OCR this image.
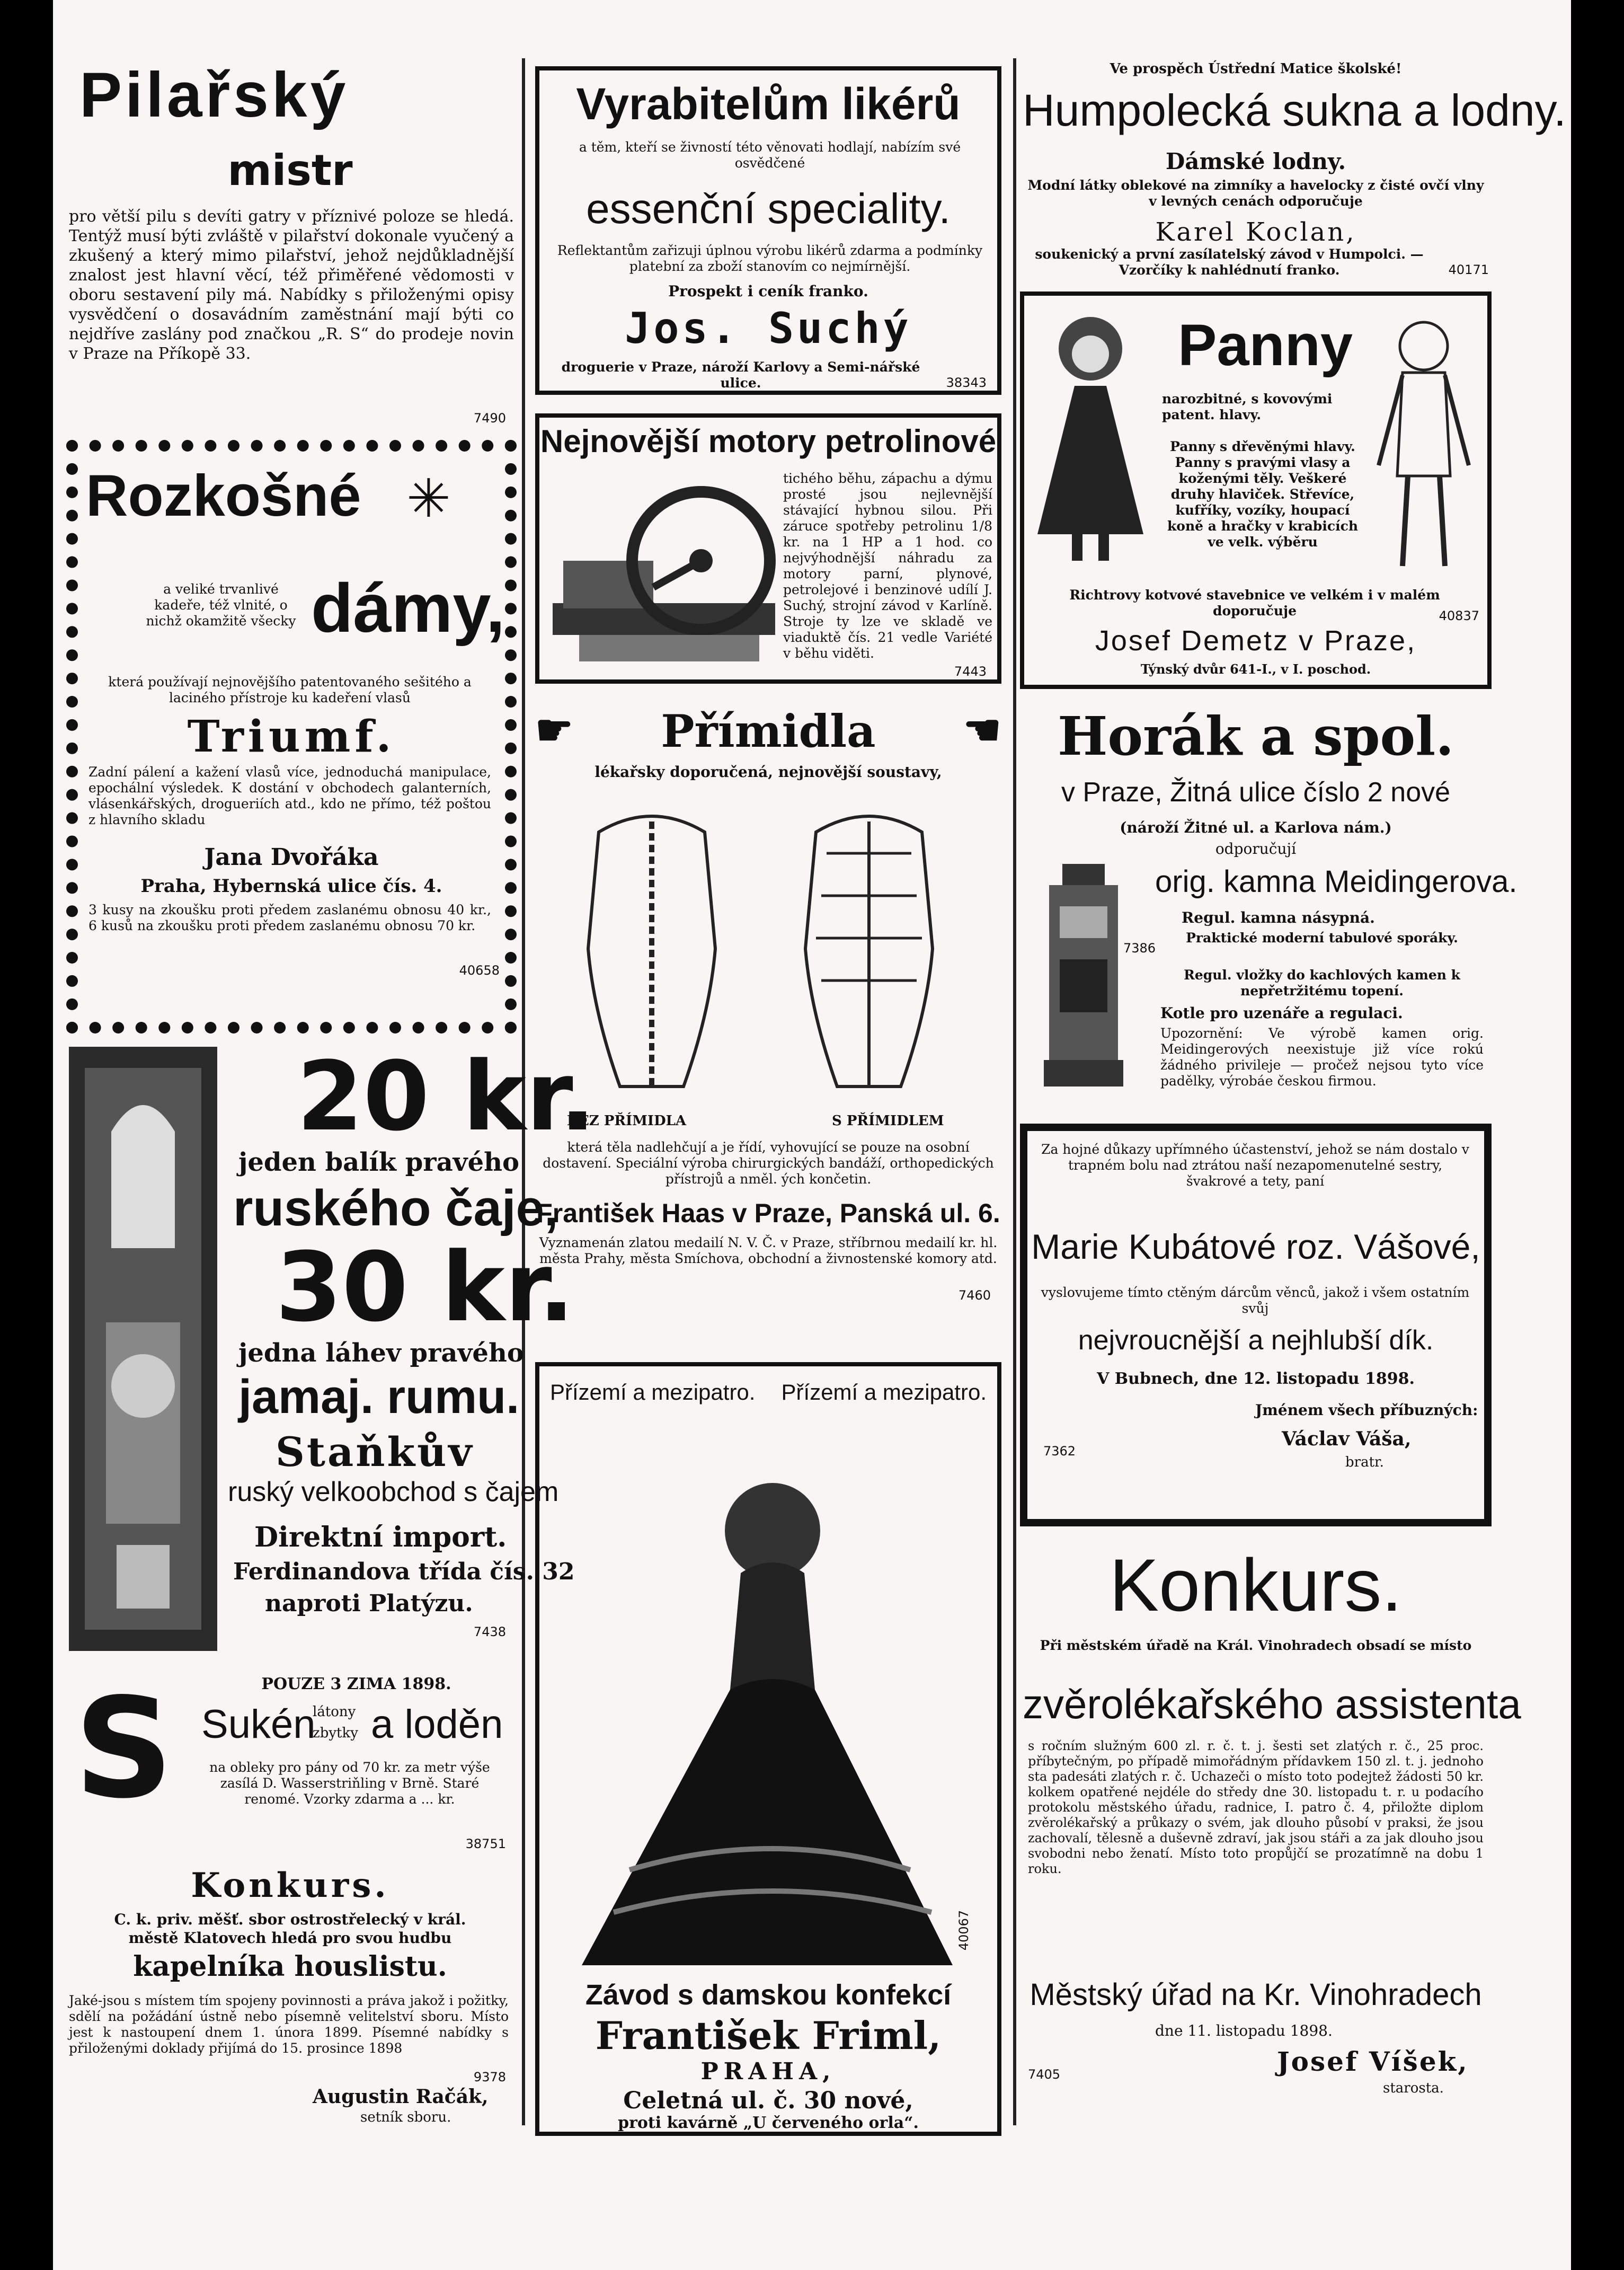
Pilařský
mistr
pro větší pilu s devíti gatry v příznivé poloze se hledá. Tentýž musí býti zvláště v pilařství dokonale vyučený a zkušený a který mimo pilařství, jehož nejdůkladnější znalost jest hlavní věcí, též přiměřené vědomosti v oboru sestavení pily má. Nabídky s přiloženými opisy vysvědčení o dosavádním zaměstnání mají býti co nejdříve zaslány pod značkou „R. S“ do prodeje novin v Praze na Příkopě 33.
7490
Rozkošné ✳
a veliké trvanlivé kadeře, též vlnité, o nichž okamžitě všecky dámy,
která používají nejnovějšího patentovaného sešitého a laciného přístroje ku kadeření vlasů
Triumf.
Zadní pálení a kažení vlasů více, jednoduchá manipulace, epochální výsledek. K dostání v obchodech galanterních, vlásenkářských, drogueriích atd., kdo ne přímo, též poštou z hlavního skladu
Jana Dvořáka
Praha, Hybernská ulice čís. 4.
3 kusy na zkoušku proti předem zaslanému obnosu 40 kr., 6 kusů na zkoušku proti předem zaslanému obnosu 70 kr.
40658
20 kr.
jeden balík pravého
ruského čaje,
30 kr.
jedna láhev pravého
jamaj. rumu.
Staňkův
ruský velkoobchod s čajem
Direktní import.
Ferdinandova třída čís. 32
naproti Platýzu.
7438
POUZE 3 ZIMA 1898.
S Sukén
látony
zbytky a loděn
na obleky pro pány od 70 kr. za metr výše zasílá D. Wasserstriňling v Brně. Staré renomé. Vzorky zdarma a ... kr.
38751
Konkurs.
C. k. priv. měšť. sbor ostrostřelecký v král.
městě Klatovech hledá pro svou hudbu
kapelníka houslistu.
Jaké-jsou s místem tím spojeny povinnosti a práva jakož i požitky, sdělí na požádání ústně nebo písemně velitelství sboru. Místo jest k nastoupení dnem 1. února 1899. Písemné nabídky s přiloženými doklady přijímá do 15. prosince 1898
Augustin Račák,
setník sboru.
9378
Vyrabitelům likérů
a těm, kteří se živností této věnovati hodlají, nabízím své osvědčené
essenční speciality.
Reflektantům zařizuji úplnou výrobu likérů zdarma a podmínky platební za zboží stanovím co nejmírnější.
Prospekt i ceník franko.
Jos. Suchý
droguerie v Praze, nároží Karlovy a Semi-nářské ulice.	38343
Nejnovější motory petrolinové
tichého běhu, zápachu a dýmu prosté jsou nejlevnější stávající hybnou silou. Při záruce spotřeby petrolinu 1/8 kr. na 1 HP a 1 hod. co nejvýhodnější náhradu za motory parní, plynové, petrolejové i benzinové udílí J. Suchý, strojní závod v Karlíně. Stroje ty lze ve skladě ve viaduktě čís. 21 vedle Variété v běhu viděti.
7443
☛	Přímidla	☛
lékařsky doporučená, nejnovější soustavy,
BEZ PŘÍMIDLA	S PŘÍMIDLEM
která těla nadlehčují a je řídí, vyhovující se pouze na osobní dostavení. Speciální výroba chirurgických bandáží, orthopedických přístrojů a nměl. ých končetin.
František Haas v Praze, Panská ul. 6.
Vyznamenán zlatou medailí N. V. Č. v Praze, stříbrnou medailí kr. hl. města Prahy, města Smíchova, obchodní a živnostenské komory atd.
7460
Přízemí a mezipatro. Přízemí a mezipatro.
Závod s damskou konfekcí
František Friml,
PRAHA,
Celetná ul. č. 30 nové,
proti kavárně „U červeného orla“.
40067
Ve prospěch Ústřední Matice školské!
Humpolecká sukna a lodny.
Dámské lodny.
Modní látky oblekové na zimníky a havelocky z čisté ovčí vlny v levných cenách odporučuje
Karel Koclan,
soukenický a první zasílatelský závod v Humpolci. — Vzorčíky k nahlédnutí franko.	40171
Panny
narozbitné, s kovovými patent. hlavy.
Panny s dřevěnými hlavy. Panny s pravými vlasy a koženými těly. Veškeré druhy hlaviček. Střevíce, kufříky, vozíky, houpací koně a hračky v krabicích ve velk. výběru
Richtrovy kotvové stavebnice ve velkém i v malém doporučuje
Josef Demetz v Praze,
Týnský dvůr 641-I., v I. poschod.
40837
Horák a spol.
v Praze, Žitná ulice číslo 2 nové
(nároží Žitné ul. a Karlova nám.)
odporučují
orig. kamna Meidingerova.
Regul. kamna násypná.
Praktické moderní tabulové sporáky.
Regul. vložky do kachlových kamen k nepřetržitému topení.
Kotle pro uzenáře a regulaci.
Upozornění: Ve výrobě kamen orig. Meidingerových neexistuje již více rokú žádného privileje — pročež nejsou tyto více padělky, výrobáe českou firmou.
7386
Za hojné důkazy upřímného účastenství, jehož se nám dostalo v trapném bolu nad ztrátou naší nezapomenutelné sestry, švakrové a tety, paní
Marie Kubátové roz. Vášové,
vyslovujeme tímto ctěným dárcům věnců, jakož i všem ostatním svůj
nejvroucnější a nejhlubší dík.
V Bubnech, dne 12. listopadu 1898.
Jménem všech příbuzných:
Václav Váša,
bratr.
7362
Konkurs.
Při městském úřadě na Král. Vinohradech obsadí se místo
zvěrolékařského assistenta
s ročním služným 600 zl. r. č. t. j. šesti set zlatých r. č., 25 proc. příbytečným, po případě mimořádným přídavkem 150 zl. t. j. jednoho sta padesáti zlatých r. č. Uchazeči o místo toto podejtež žádosti 50 kr. kolkem opatřené nejdéle do středy dne 30. listopadu t. r. u podacího protokolu městského úřadu, radnice, I. patro č. 4, přiložte diplom zvěrolékařský a průkazy o svém, jak dlouho působí v praksi, že jsou zachovalí, tělesně a duševně zdraví, jak jsou stáři a za jak dlouho jsou svobodni nebo ženatí. Místo toto propůjčí se prozatímně na dobu 1 roku.
Městský úřad na Kr. Vinohradech
dne 11. listopadu 1898.
Josef Víšek,
starosta.
7405
